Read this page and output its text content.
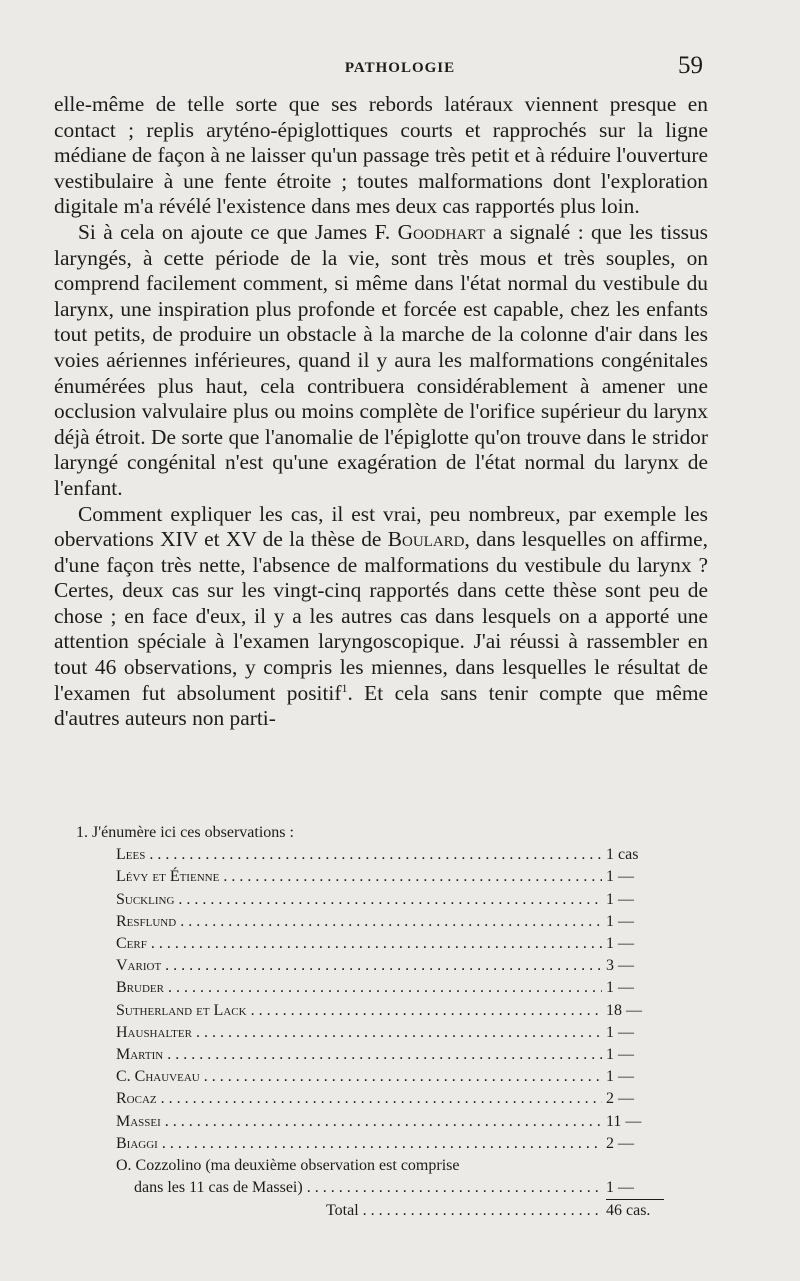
PATHOLOGIE	59

elle-même de telle sorte que ses rebords latéraux viennent presque en contact ; replis aryténo-épiglottiques courts et rapprochés sur la ligne médiane de façon à ne laisser qu'un passage très petit et à réduire l'ouverture vestibulaire à une fente étroite ; toutes malformations dont l'exploration digitale m'a révélé l'existence dans mes deux cas rapportés plus loin.

Si à cela on ajoute ce que James F. Goodhart a signalé : que les tissus laryngés, à cette période de la vie, sont très mous et très souples, on comprend facilement comment, si même dans l'état normal du vestibule du larynx, une inspiration plus profonde et forcée est capable, chez les enfants tout petits, de produire un obstacle à la marche de la colonne d'air dans les voies aériennes inférieures, quand il y aura les malformations congénitales énumérées plus haut, cela contribuera considérablement à amener une occlusion valvulaire plus ou moins complète de l'orifice supérieur du larynx déjà étroit. De sorte que l'anomalie de l'épiglotte qu'on trouve dans le stridor laryngé congénital n'est qu'une exagération de l'état normal du larynx de l'enfant.

Comment expliquer les cas, il est vrai, peu nombreux, par exemple les obervations XIV et XV de la thèse de Boulard, dans lesquelles on affirme, d'une façon très nette, l'absence de malformations du vestibule du larynx ? Certes, deux cas sur les vingt-cinq rapportés dans cette thèse sont peu de chose ; en face d'eux, il y a les autres cas dans lesquels on a apporté une attention spéciale à l'examen laryngoscopique. J'ai réussi à rassembler en tout 46 observations, y compris les miennes, dans lesquelles le résultat de l'examen fut absolument positif$^1$. Et cela sans tenir compte que même d'autres auteurs non parti-

1. J'énumère ici ces observations :
Lees . . .	1 cas
Lévy et Étienne . . .	1 —
Suckling . . .	1 —
Resflund . . .	1 —
Cerf . . .	1 —
Variot . . .	3 —
Bruder . . .	1 —
Sutherland et Lack . . .	18 —
Haushalter . . .	1 —
Martin . . .	1 —
C. Chauveau . . .	1 —
Rocaz . . .	2 —
Massei . . .	11 —
Biaggi . . .	2 —
O. Cozzolino (ma deuxième observation est comprise
dans les 11 cas de Massei) . . .	1 —
Total . . .	46 cas.
